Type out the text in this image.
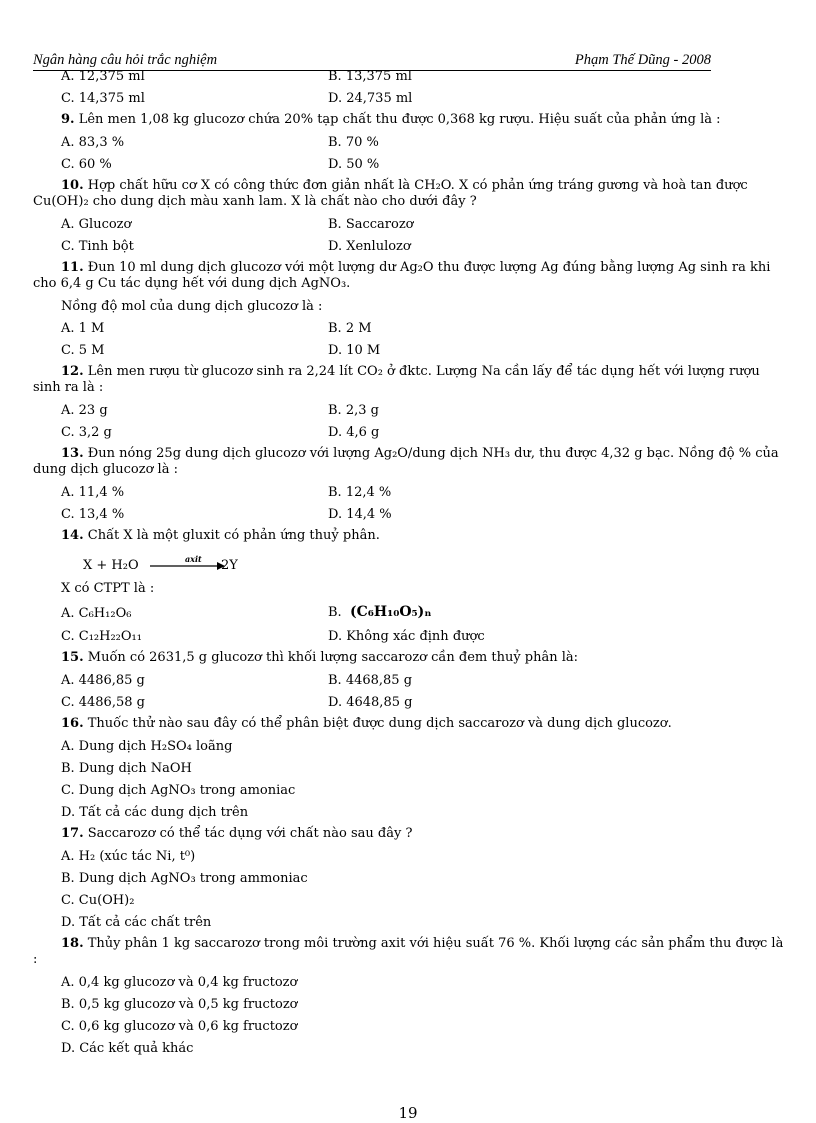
Ngân hàng câu hỏi trắc nghiệm	Phạm Thế Dũng - 2008
A. 12,375 ml	B. 13,375 ml
C. 14,375 ml	D. 24,735 ml
9. Lên men 1,08 kg glucozơ chứa 20% tạp chất thu được 0,368 kg rượu. Hiệu suất của phản ứng là :
A. 83,3 %	B. 70 %
C. 60 %	D. 50 %
10. Hợp chất hữu cơ X có công thức đơn giản nhất là CH₂O. X có phản ứng tráng gương và hoà tan được Cu(OH)₂ cho dung dịch màu xanh lam. X là chất nào cho dưới đây ?
A. Glucozơ	B. Saccarozơ
C. Tinh bột	D. Xenlulozơ
11. Đun 10 ml dung dịch glucozơ với một lượng dư Ag₂O thu được lượng Ag đúng bằng lượng Ag sinh ra khi cho 6,4 g Cu tác dụng hết với dung dịch AgNO₃.
Nồng độ mol của dung dịch glucozơ là :
A. 1 M	B. 2 M
C. 5 M	D. 10 M
12. Lên men rượu từ glucozơ sinh ra 2,24 lít CO₂ ở đktc. Lượng Na cần lấy để tác dụng hết với lượng rượu sinh ra là :
A. 23 g	B. 2,3 g
C. 3,2 g	D. 4,6 g
13. Đun nóng 25g dung dịch glucozơ với lượng Ag₂O/dung dịch NH₃ dư, thu được 4,32 g bạc. Nồng độ % của dung dịch glucozơ là :
A. 11,4 %	B. 12,4 %
C. 13,4 %	D. 14,4 %
14. Chất X là một gluxit có phản ứng thuỷ phân.
X + H₂O	axit 2Y
X có CTPT là :
A. C₆H₁₂O₆	B. (C₆H₁₀O₅)ₙ
C. C₁₂H₂₂O₁₁	D. Không xác định được
15. Muốn có 2631,5 g glucozơ thì khối lượng saccarozơ cần đem thuỷ phân là:
A. 4486,85 g	B. 4468,85 g
C. 4486,58 g	D. 4648,85 g
16. Thuốc thử nào sau đây có thể phân biệt được dung dịch saccarozơ và dung dịch glucozơ.
A. Dung dịch H₂SO₄ loãng
B. Dung dịch NaOH
C. Dung dịch AgNO₃ trong amoniac
D. Tất cả các dung dịch trên
17. Saccarozơ có thể tác dụng với chất nào sau đây ?
A. H₂ (xúc tác Ni, t⁰)
B. Dung dịch AgNO₃ trong ammoniac
C. Cu(OH)₂
D. Tất cả các chất trên
18. Thủy phân 1 kg saccarozơ trong môi trường axit với hiệu suất 76 %. Khối lượng các sản phẩm thu được là :
A. 0,4 kg glucozơ và 0,4 kg fructozơ
B. 0,5 kg glucozơ và 0,5 kg fructozơ
C. 0,6 kg glucozơ và 0,6 kg fructozơ
D. Các kết quả khác
19
